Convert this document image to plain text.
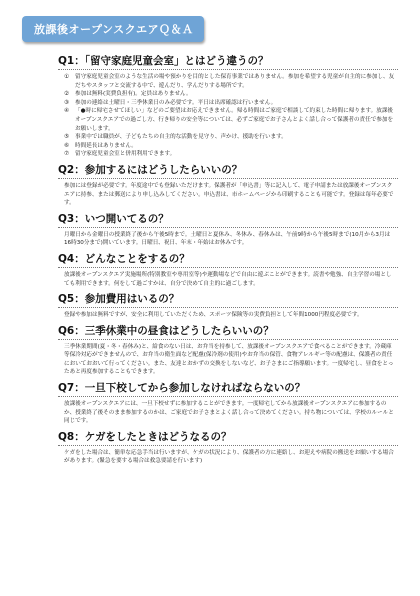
放課後オープンスクエアＱ＆Ａ
Q1：「留守家庭児童会室」とはどう違うの？
①	留守家庭児童会室のような生活の場や預かりを目的とした保育事業ではありません。参加を希望する児童が自主的に参加し、友だちやスタッフと交流する中で、遊んだり、学んだりする場所です。
②	参加は無料(実費負担有)。定員はありません。
③	参加の連絡は土曜日・三季休業日のみ必要です。平日は出席確認は行いません。
④	「●時に帰宅させてほしい」などのご要望はお応えできません。帰る時間はご家庭で相談して約束した時間に帰ります。放課後オープンスクエアでの過ごし方、行き帰りの安全等については、必ずご家庭でお子さんとよく話し合って保護者の責任で参加をお願いします。
⑤	事業中では職員が、子どもたちの自主的な活動を見守り、声かけ、援助を行います。
⑥	時間延長はありません。
⑦	留守家庭児童会室と併用利用できます。
Q2：参加するにはどうしたらいいの？

参加には登録が必要です。年度途中でも登録いただけます。保護者が「申込書」等に記入して、電子申請または放課後オープンスクエアに持参、または郵送により申し込みしてください。申込書は、市ホームページから印刷することも可能です。登録は毎年必要です。

Q3：いつ開いてるの？

月曜日から金曜日の授業終了後から午後5時まで。土曜日と夏休み、冬休み、春休みは、午前9時から午後5時まで(10月から3月は16時30分まで)開いています。日曜日、祝日、年末・年始はお休みです。

Q4：どんなことをするの？

放課後オープンスクエア実施場所(特別教室や専用室等)や運動場などで自由に遊ぶことができます。読書や勉強、自主学習の場としても利用できます。何をして過ごすかは、自分で決めて自主的に過ごします。

Q5：参加費用はいるの？

登録や参加は無料ですが、安全に利用していただくため、スポーツ保険等の実費負担として年間1000円程度必要です。

Q6：三季休業中の昼食はどうしたらいいの？

三季休業期間(夏・冬・春休み)と、給食のない日は、お弁当を持参して、放課後オープンスクエアで食べることができます。冷蔵庫等保冷対応ができませんので、お弁当の衛生面など配慮(保冷剤の使用)やお弁当の保管、食物アレルギー等の配慮は、保護者の責任においておおいて行ってください。また、友達とおかずの交換をしないなど、お子さまにご指導願います。一度帰宅し、昼食をとったあと再度参加することもできます。

Q7：一旦下校してから参加しなければならないの？

放課後オープンスクエアには、一旦下校せずに参加することができます。一度帰宅してから放課後オープンスクエアに参加するのか、授業終了後そのまま参加するのかは、ご家庭でお子さまとよく話し合って決めてください。持ち物については、学校のルールと同じです。

Q8：ケガをしたときはどうなるの？

ケガをした場合は、簡単な応急手当は行いますが、ケガの状況により、保護者の方に連絡し、お迎えや病院の搬送をお願いする場合があります。(緊急を要する場合は救急要請を行います)
